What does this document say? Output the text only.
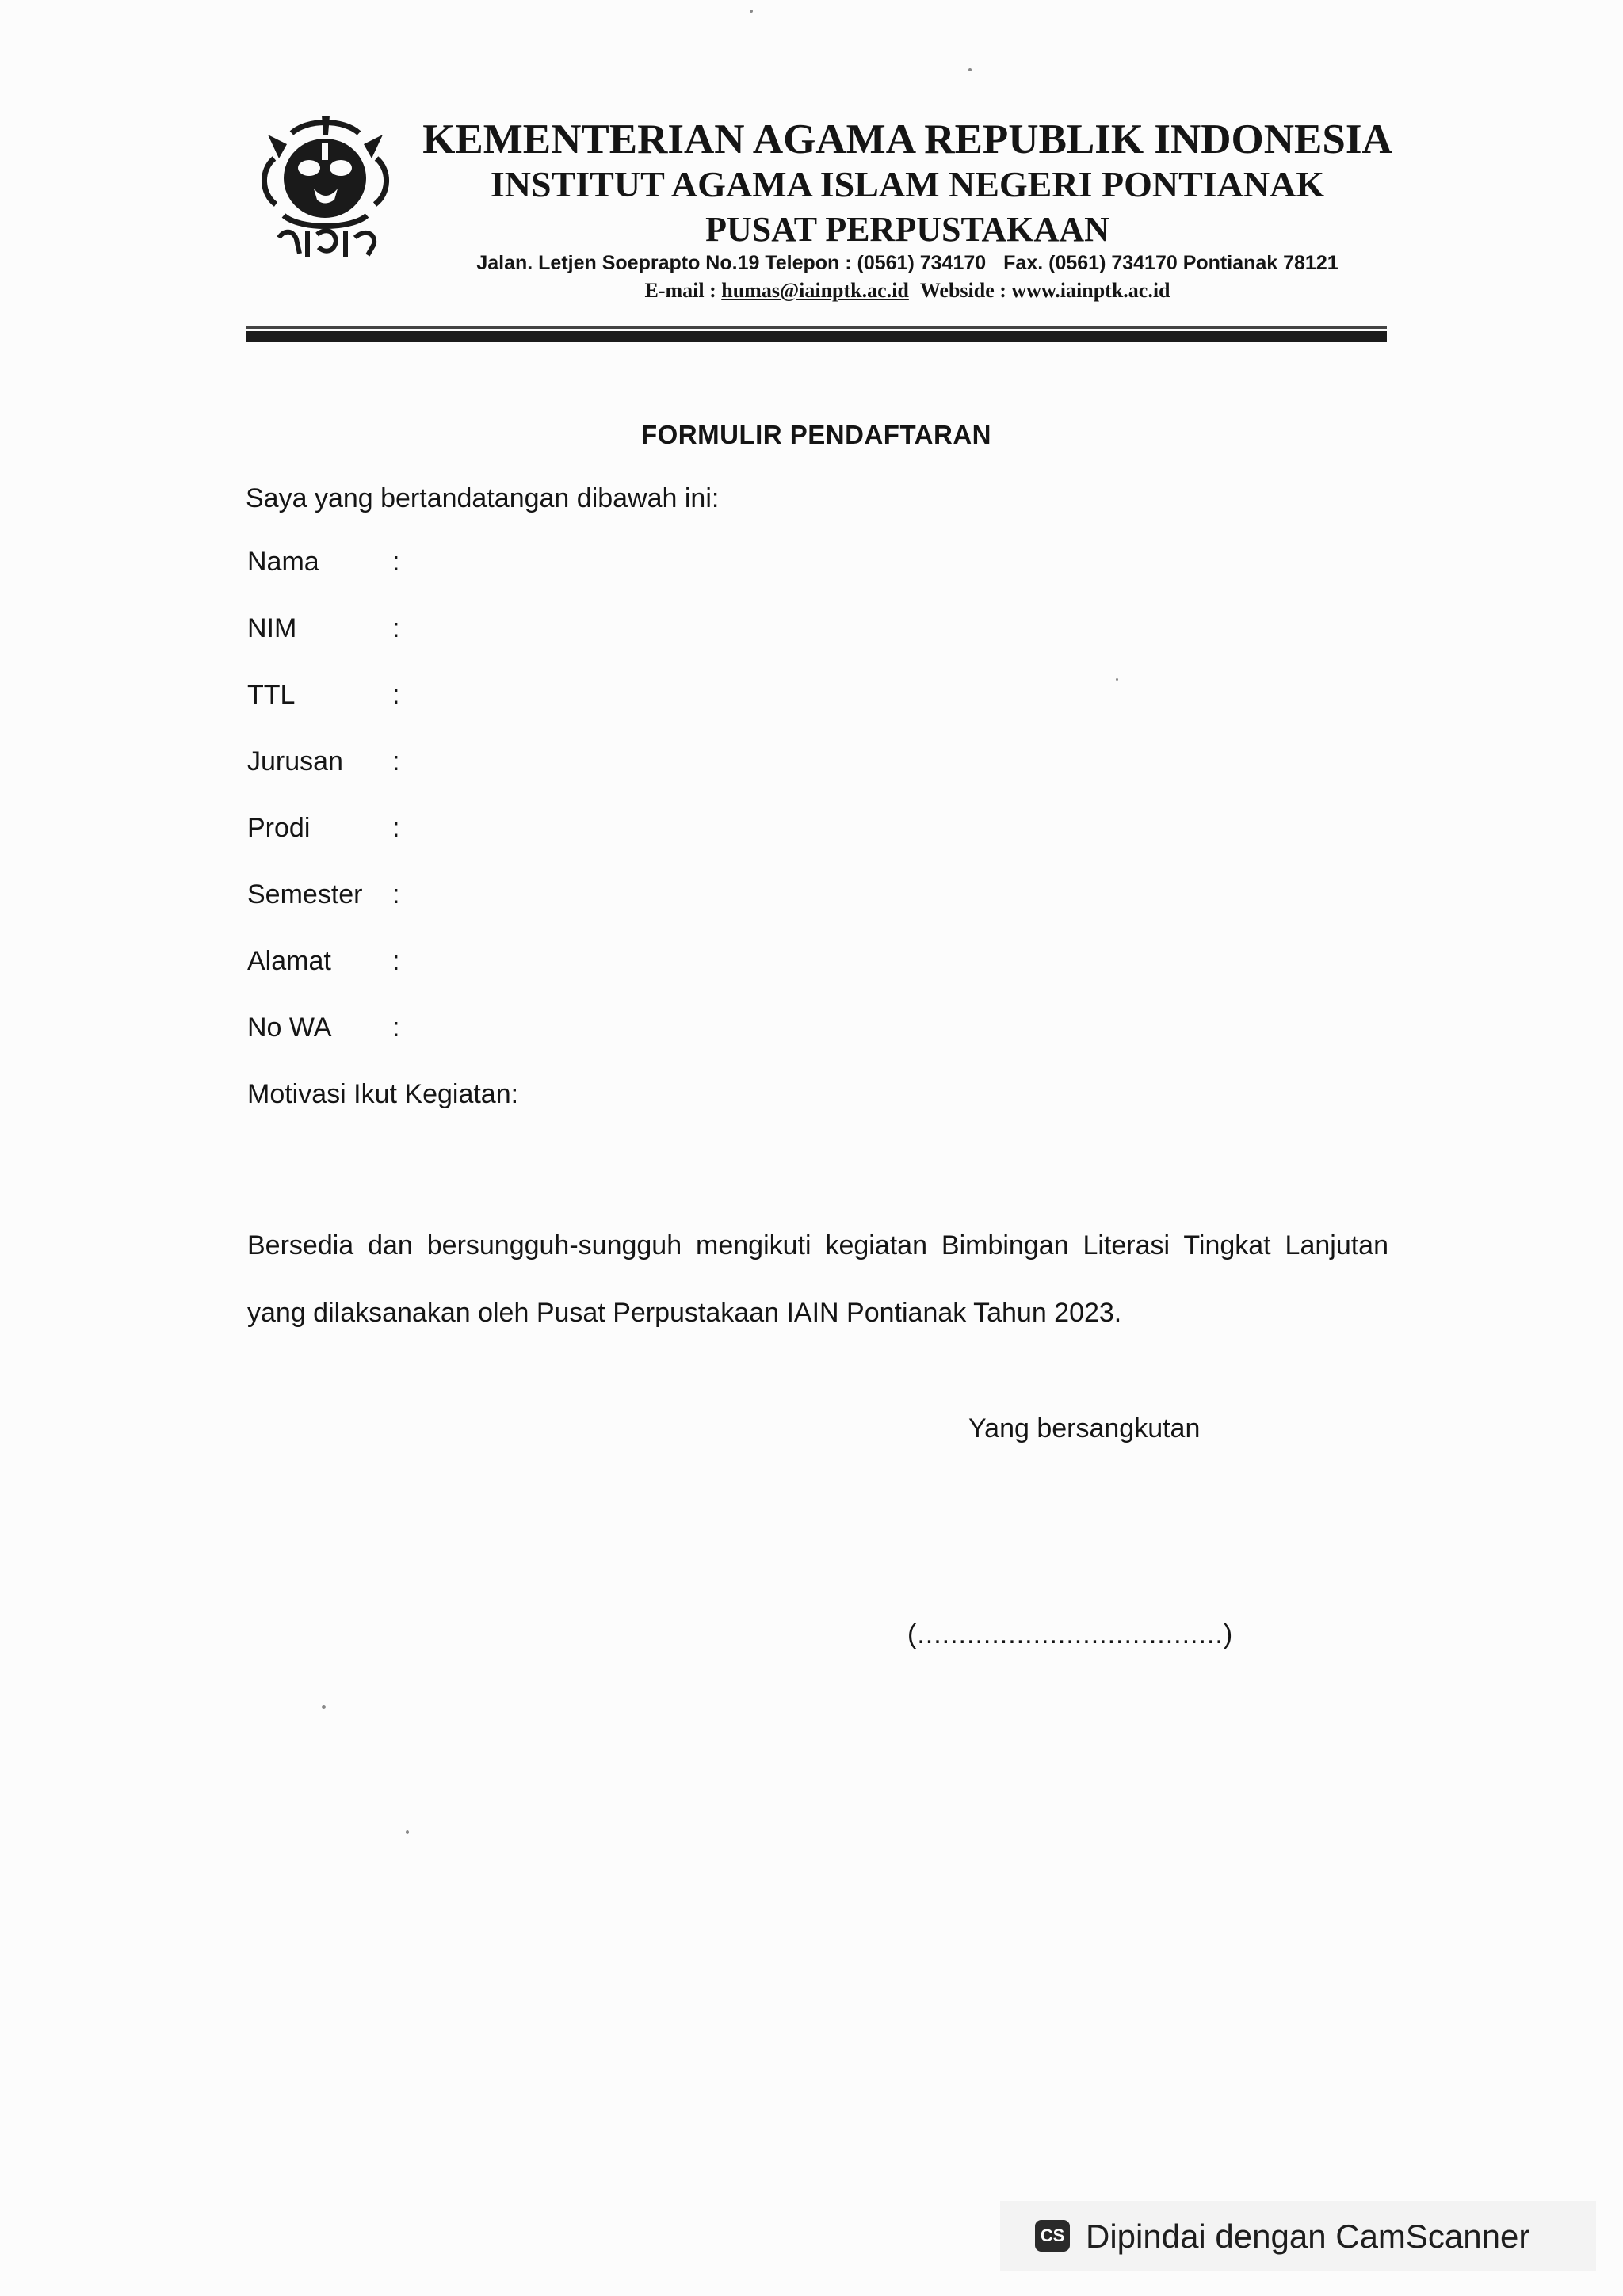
KEMENTERIAN AGAMA REPUBLIK INDONESIA

INSTITUT AGAMA ISLAM NEGERI PONTIANAK

PUSAT PERPUSTAKAAN

Jalan. Letjen Soeprapto No.19 Telepon : (0561) 734170 Fax. (0561) 734170 Pontianak 78121

E-mail : humas@iainptk.ac.id Webside : www.iainptk.ac.id

FORMULIR PENDAFTARAN

Saya yang bertandatangan dibawah ini:

Nama	:
NIM	:
TTL	:
Jurusan :
Prodi	:
Semester :
Alamat :
No WA :

Motivasi Ikut Kegiatan:

Bersedia dan bersungguh-sungguh mengikuti kegiatan Bimbingan Literasi Tingkat Lanjutan yang dilaksanakan oleh Pusat Perpustakaan IAIN Pontianak Tahun 2023.

Yang bersangkutan

(.....................................)

CS Dipindai dengan CamScanner
